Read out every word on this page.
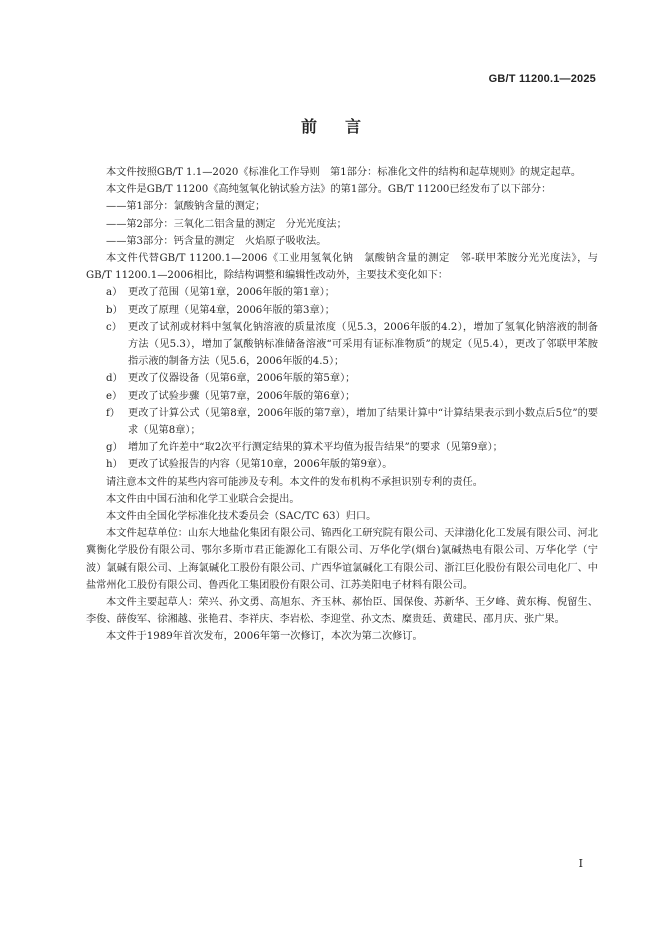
GB/T 11200.1—2025
前 言

本文件按照GB/T 1.1—2020《标准化工作导则　第1部分：标准化文件的结构和起草规则》的规定起草。

本文件是GB/T 11200《高纯氢氧化钠试验方法》的第1部分。GB/T 11200已经发布了以下部分：

——第1部分：氯酸钠含量的测定；

——第2部分：三氧化二铝含量的测定　分光光度法；

——第3部分：钙含量的测定　火焰原子吸收法。

本文件代替GB/T 11200.1—2006《工业用氢氧化钠　氯酸钠含量的测定　邻-联甲苯胺分光光度法》，与GB/T 11200.1—2006相比，除结构调整和编辑性改动外，主要技术变化如下：

a） 更改了范围（见第1章，2006年版的第1章）；
b） 更改了原理（见第4章，2006年版的第3章）；
c） 更改了试剂或材料中氢氧化钠溶液的质量浓度（见5.3，2006年版的4.2），增加了氢氧化钠溶液的制备方法（见5.3），增加了氯酸钠标准储备溶液“可采用有证标准物质”的规定（见5.4），更改了邻联甲苯胺指示液的制备方法（见5.6，2006年版的4.5）；
d） 更改了仪器设备（见第6章，2006年版的第5章）；
e） 更改了试验步骤（见第7章，2006年版的第6章）；
f） 更改了计算公式（见第8章，2006年版的第7章），增加了结果计算中“计算结果表示到小数点后5位”的要求（见第8章）；
g） 增加了允许差中“取2次平行测定结果的算术平均值为报告结果”的要求（见第9章）；
h） 更改了试验报告的内容（见第10章，2006年版的第9章）。

请注意本文件的某些内容可能涉及专利。本文件的发布机构不承担识别专利的责任。

本文件由中国石油和化学工业联合会提出。

本文件由全国化学标准化技术委员会（SAC/TC 63）归口。

本文件起草单位：山东大地盐化集团有限公司、锦西化工研究院有限公司、天津渤化化工发展有限公司、河北冀衡化学股份有限公司、鄂尔多斯市君正能源化工有限公司、万华化学(烟台)氯碱热电有限公司、万华化学（宁波）氯碱有限公司、上海氯碱化工股份有限公司、广西华谊氯碱化工有限公司、浙江巨化股份有限公司电化厂、中盐常州化工股份有限公司、鲁西化工集团股份有限公司、江苏美阳电子材料有限公司。

本文件主要起草人：荣兴、孙文勇、高旭东、齐玉林、郝怡臣、国保俊、苏新华、王夕峰、黄东梅、倪留生、李俊、薛俊军、徐湘越、张艳君、李祥庆、李岩松、李迎堂、孙文杰、糜贵廷、黄建民、邵月庆、张广果。

本文件于1989年首次发布，2006年第一次修订，本次为第二次修订。

I
